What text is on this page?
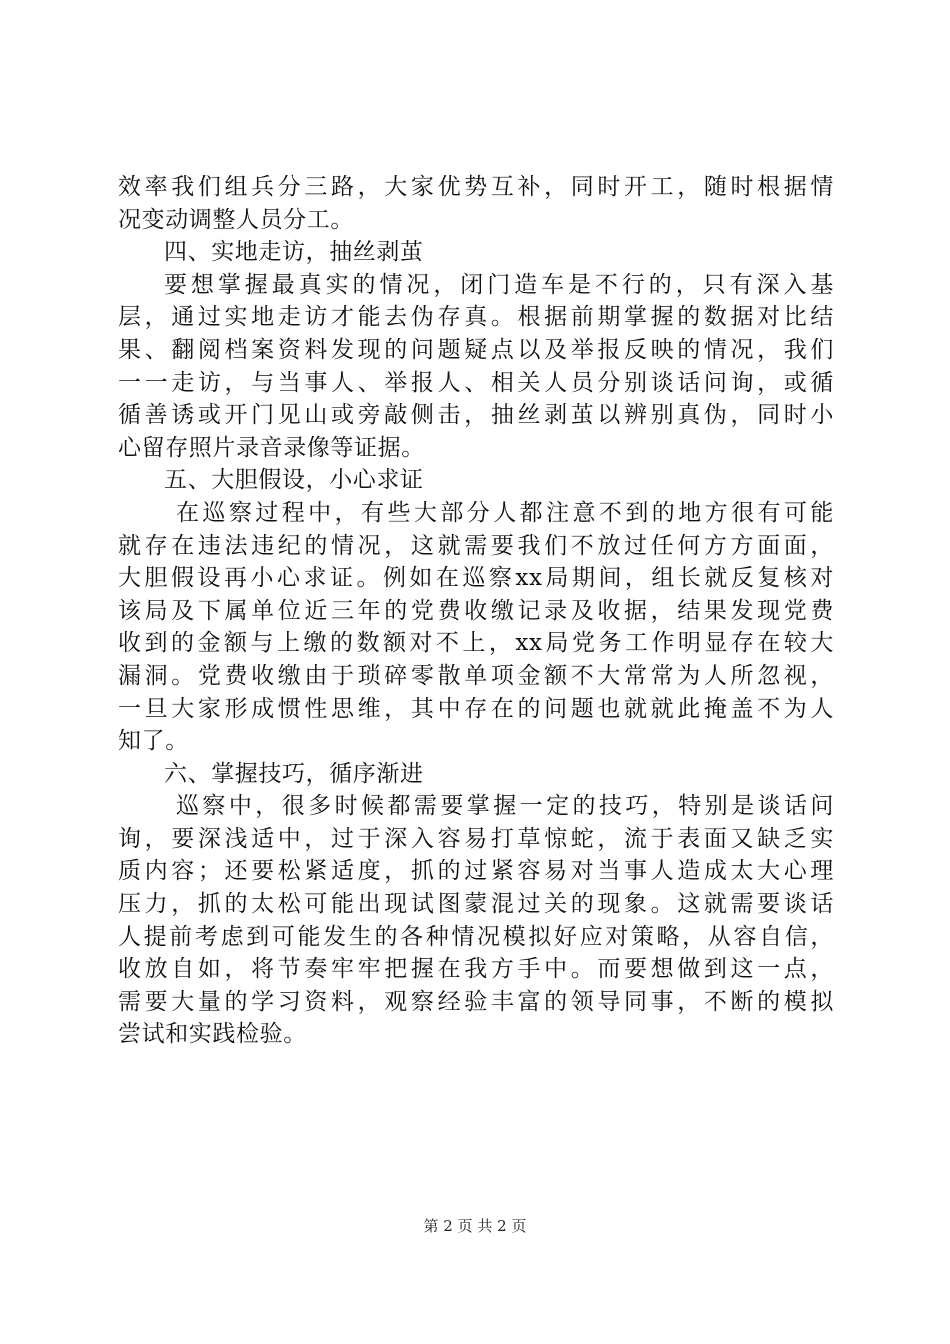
效率我们组兵分三路，大家优势互补，同时开工，随时根据情
况变动调整人员分工。
四、实地走访，抽丝剥茧
要想掌握最真实的情况，闭门造车是不行的，只有深入基
层，通过实地走访才能去伪存真。根据前期掌握的数据对比结
果、翻阅档案资料发现的问题疑点以及举报反映的情况，我们
一一走访，与当事人、举报人、相关人员分别谈话问询，或循
循善诱或开门见山或旁敲侧击，抽丝剥茧以辨别真伪，同时小
心留存照片录音录像等证据。
五、大胆假设，小心求证
在巡察过程中，有些大部分人都注意不到的地方很有可能
就存在违法违纪的情况，这就需要我们不放过任何方方面面，
大胆假设再小心求证。例如在巡察xx局期间，组长就反复核对
该局及下属单位近三年的党费收缴记录及收据，结果发现党费
收到的金额与上缴的数额对不上，xx局党务工作明显存在较大
漏洞。党费收缴由于琐碎零散单项金额不大常常为人所忽视，
一旦大家形成惯性思维，其中存在的问题也就就此掩盖不为人
知了。
六、掌握技巧，循序渐进
巡察中，很多时候都需要掌握一定的技巧，特别是谈话问
询，要深浅适中，过于深入容易打草惊蛇，流于表面又缺乏实
质内容；还要松紧适度，抓的过紧容易对当事人造成太大心理
压力，抓的太松可能出现试图蒙混过关的现象。这就需要谈话
人提前考虑到可能发生的各种情况模拟好应对策略，从容自信，
收放自如，将节奏牢牢把握在我方手中。而要想做到这一点，
需要大量的学习资料，观察经验丰富的领导同事，不断的模拟
尝试和实践检验。
第 2 页 共 2 页
